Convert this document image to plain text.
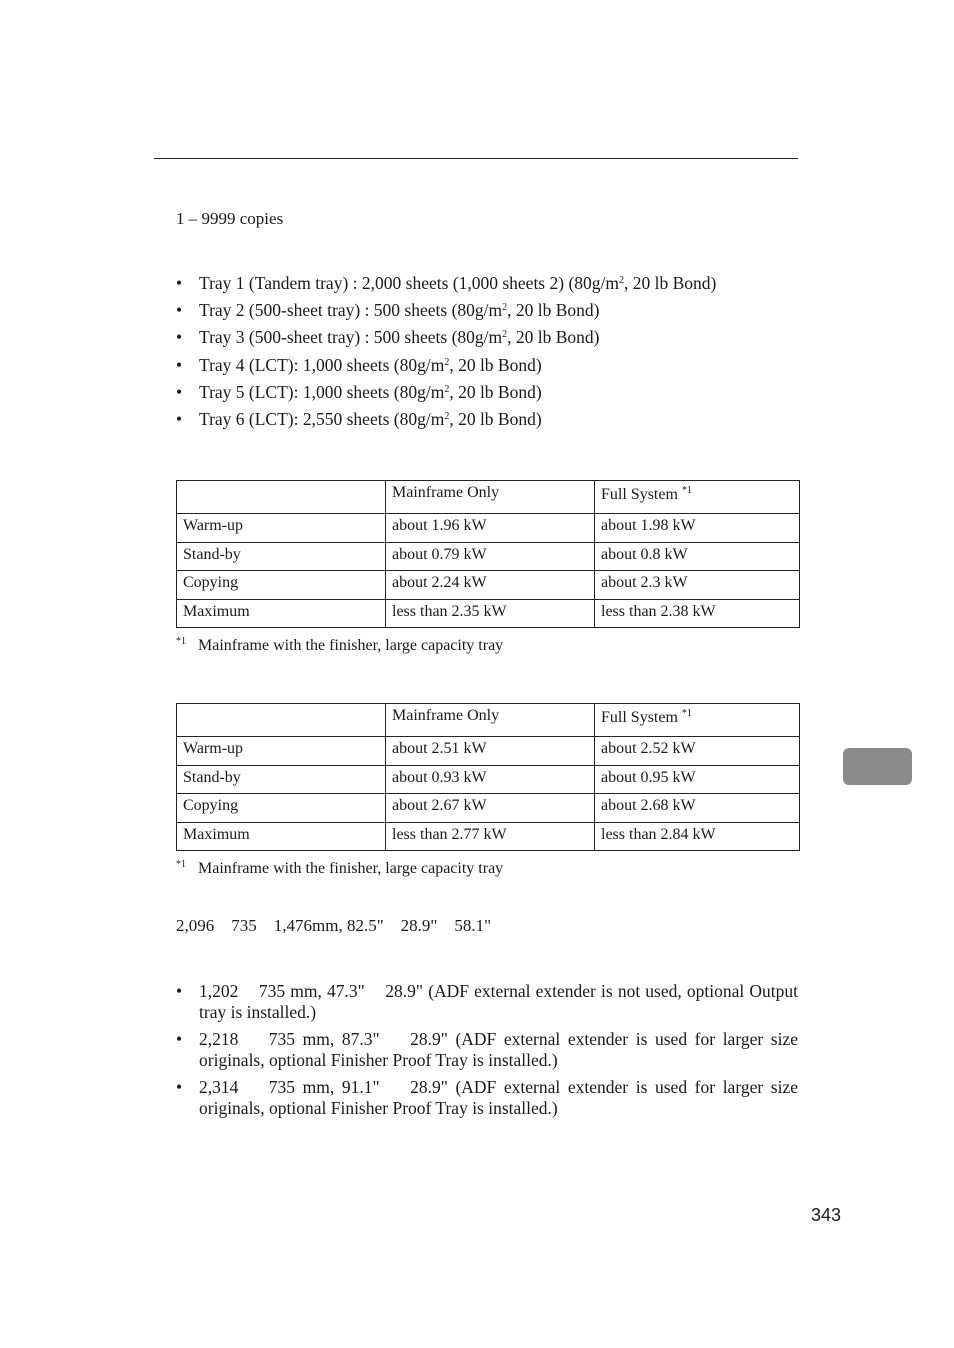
1 – 9999 copies
• Tray 1 (Tandem tray) : 2,000 sheets (1,000 sheets 2) ($80g/m^2$, 20 lb Bond)
• Tray 2 (500-sheet tray) : 500 sheets ($80g/m^2$, 20 lb Bond)
• Tray 3 (500-sheet tray) : 500 sheets ($80g/m^2$, 20 lb Bond)
• Tray 4 (LCT): 1,000 sheets ($80g/m^2$, 20 lb Bond)
• Tray 5 (LCT): 1,000 sheets ($80g/m^2$, 20 lb Bond)
• Tray 6 (LCT): 2,550 sheets ($80g/m^2$, 20 lb Bond)
	Mainframe Only	Full System $^{*1}$
Warm-up	about 1.96 kW	about 1.98 kW
Stand-by	about 0.79 kW	about 0.8 kW
Copying	about 2.24 kW	about 2.3 kW
Maximum	less than 2.35 kW	less than 2.38 kW
$^{*1}$ Mainframe with the finisher, large capacity tray
	Mainframe Only	Full System $^{*1}$
Warm-up	about 2.51 kW	about 2.52 kW
Stand-by	about 0.93 kW	about 0.95 kW
Copying	about 2.67 kW	about 2.68 kW
Maximum	less than 2.77 kW	less than 2.84 kW
$^{*1}$ Mainframe with the finisher, large capacity tray
2,096    735    1,476mm, 82.5"    28.9"    58.1"
• 1,202    735 mm, 47.3"    28.9" (ADF external extender is not used, optional Output tray is installed.)
• 2,218    735 mm, 87.3"    28.9" (ADF external extender is used for larger size originals, optional Finisher Proof Tray is installed.)
• 2,314    735 mm, 91.1"    28.9" (ADF external extender is used for larger size originals, optional Finisher Proof Tray is installed.)
343
